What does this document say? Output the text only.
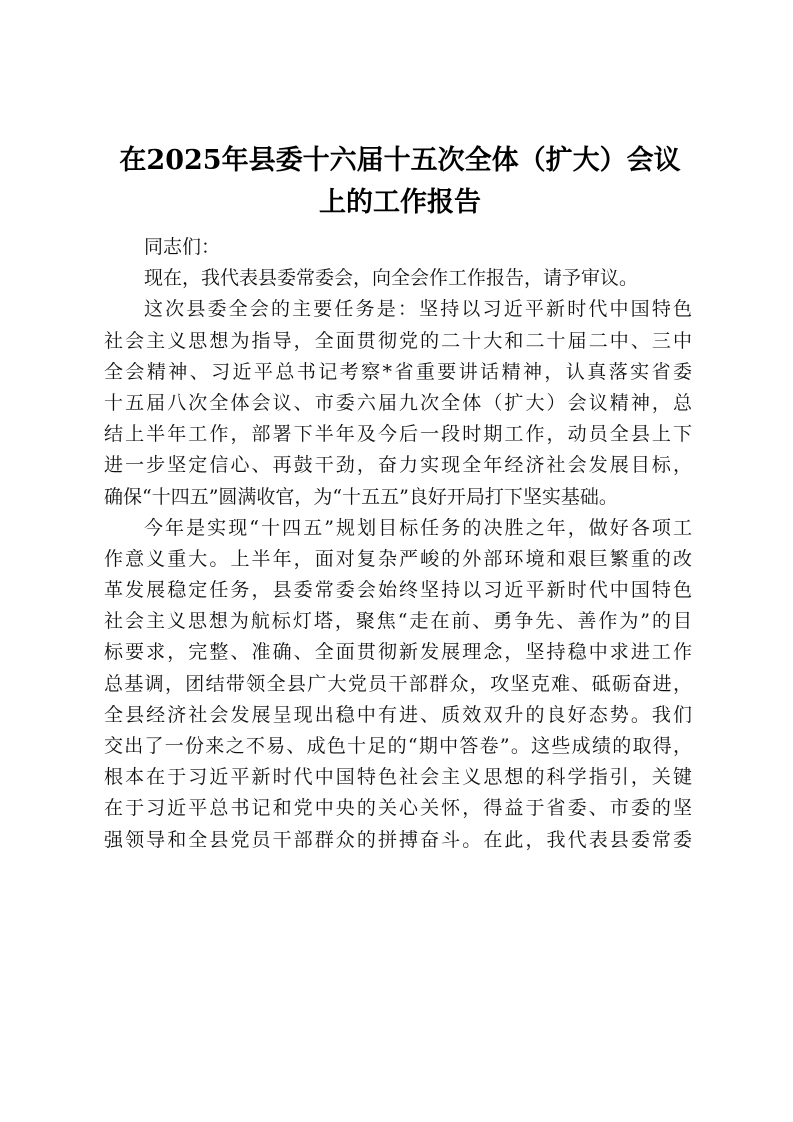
在2025年县委十六届十五次全体（扩大）会议
上的工作报告
同志们：
现在，我代表县委常委会，向全会作工作报告，请予审议。
这次县委全会的主要任务是：坚持以习近平新时代中国特色
社会主义思想为指导，全面贯彻党的二十大和二十届二中、三中
全会精神、习近平总书记考察*省重要讲话精神，认真落实省委
十五届八次全体会议、市委六届九次全体（扩大）会议精神，总
结上半年工作，部署下半年及今后一段时期工作，动员全县上下
进一步坚定信心、再鼓干劲，奋力实现全年经济社会发展目标，
确保“十四五”圆满收官，为“十五五”良好开局打下坚实基础。
今年是实现“十四五”规划目标任务的决胜之年，做好各项工
作意义重大。上半年，面对复杂严峻的外部环境和艰巨繁重的改
革发展稳定任务，县委常委会始终坚持以习近平新时代中国特色
社会主义思想为航标灯塔，聚焦“走在前、勇争先、善作为”的目
标要求，完整、准确、全面贯彻新发展理念，坚持稳中求进工作
总基调，团结带领全县广大党员干部群众，攻坚克难、砥砺奋进，
全县经济社会发展呈现出稳中有进、质效双升的良好态势。我们
交出了一份来之不易、成色十足的“期中答卷”。这些成绩的取得，
根本在于习近平新时代中国特色社会主义思想的科学指引，关键
在于习近平总书记和党中央的关心关怀，得益于省委、市委的坚
强领导和全县党员干部群众的拼搏奋斗。在此，我代表县委常委
